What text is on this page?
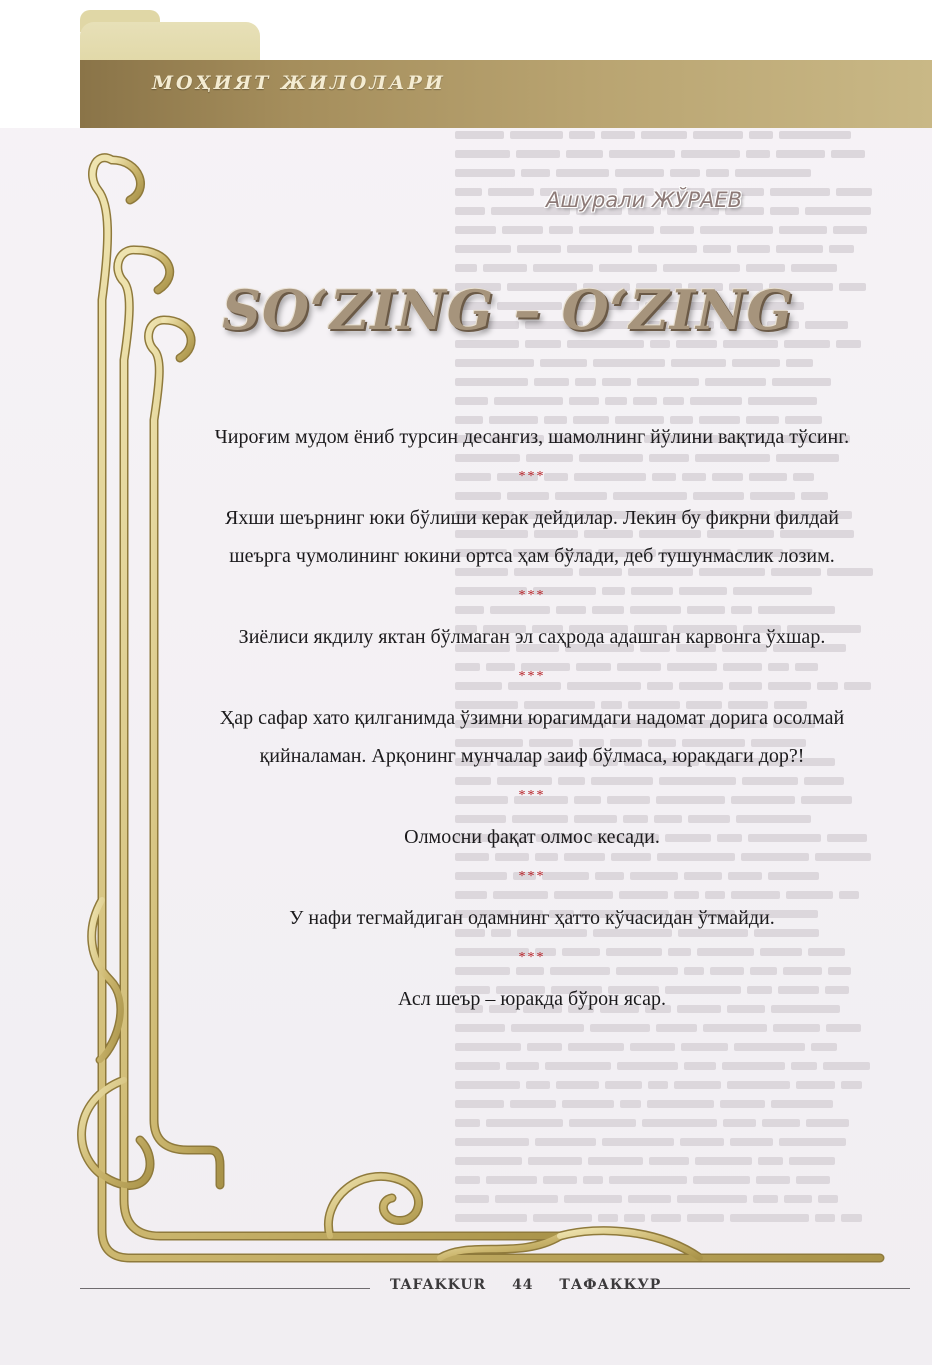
МОҲИЯТ ЖИЛОЛАРИ
Ашурали ЖЎРАЕВ
SO‘ZING – O‘ZING

Чироғим мудом ёниб турсин десангиз, шамолнинг йўлини вақтида тўсинг.

***

Яхши шеърнинг юки бўлиши керак дейдилар. Лекин бу фикрни филдай шеърга чумолининг юкини ортса ҳам бўлади, деб тушунмаслик лозим.

***

Зиёлиси якдилу яктан бўлмаган эл саҳрода адашган карвонга ўхшар.

***

Ҳар сафар хато қилганимда ўзимни юрагимдаги надомат дорига осолмай қийналаман. Арқонинг мунчалар заиф бўлмаса, юракдаги дор?!

***

Олмосни фақат олмос кесади.

***

У нафи тегмайдиган одамнинг ҳатто кўчасидан ўтмайди.

***

Асл шеър – юракда бўрон ясар.

TAFAKKUR 44 ТАФАККУР
